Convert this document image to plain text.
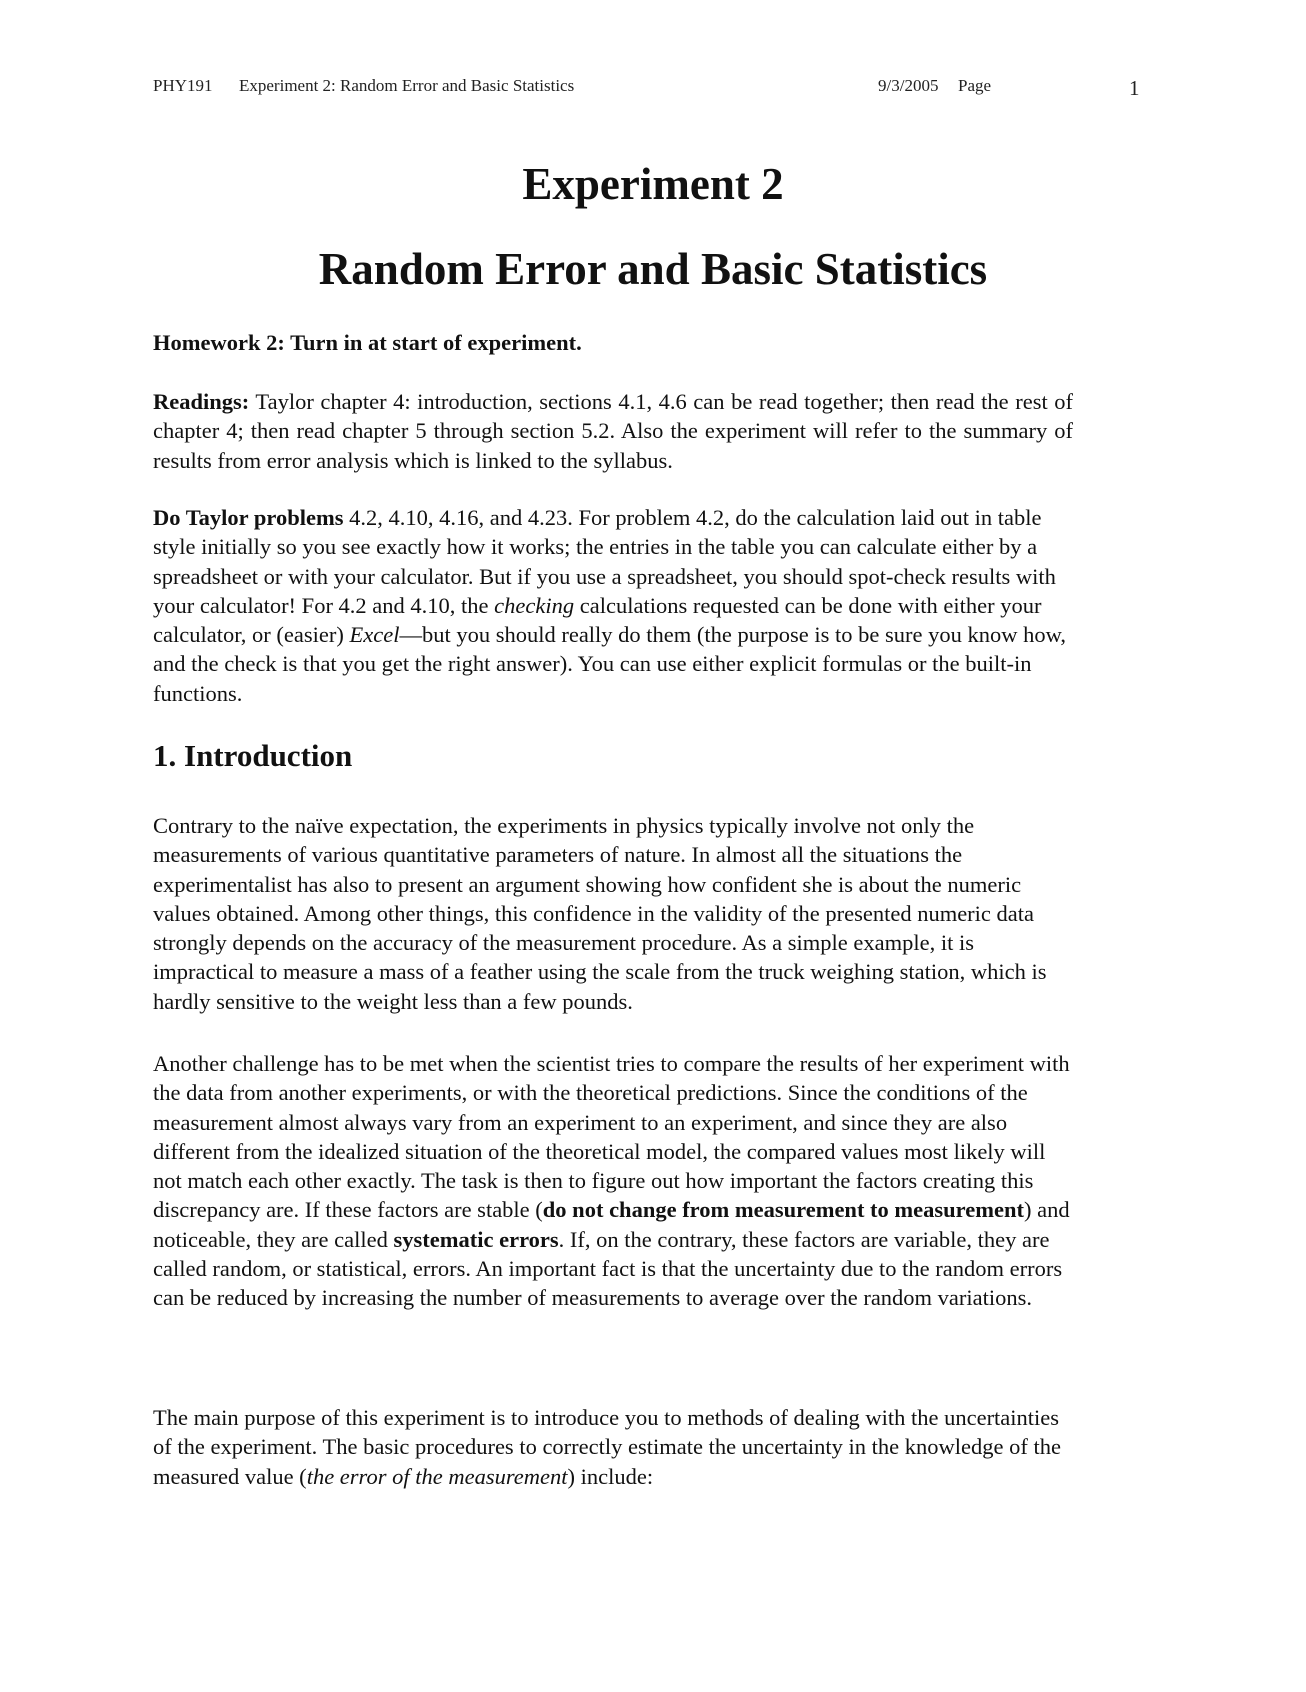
PHY191 Experiment 2: Random Error and Basic Statistics	9/3/2005 Page	1
Experiment 2
Random Error and Basic Statistics

Homework 2: Turn in at start of experiment.

Readings: Taylor chapter 4: introduction, sections 4.1, 4.6 can be read together; then read the rest of chapter 4; then read chapter 5 through section 5.2. Also the experiment will refer to the summary of results from error analysis which is linked to the syllabus.

Do Taylor problems 4.2, 4.10, 4.16, and 4.23. For problem 4.2, do the calculation laid out in table style initially so you see exactly how it works; the entries in the table you can calculate either by a spreadsheet or with your calculator. But if you use a spreadsheet, you should spot-check results with your calculator! For 4.2 and 4.10, the checking calculations requested can be done with either your calculator, or (easier) Excel—but you should really do them (the purpose is to be sure you know how, and the check is that you get the right answer). You can use either explicit formulas or the built-in functions.

1. Introduction

Contrary to the naïve expectation, the experiments in physics typically involve not only the measurements of various quantitative parameters of nature. In almost all the situations the experimentalist has also to present an argument showing how confident she is about the numeric values obtained. Among other things, this confidence in the validity of the presented numeric data strongly depends on the accuracy of the measurement procedure. As a simple example, it is impractical to measure a mass of a feather using the scale from the truck weighing station, which is hardly sensitive to the weight less than a few pounds.

Another challenge has to be met when the scientist tries to compare the results of her experiment with the data from another experiments, or with the theoretical predictions. Since the conditions of the measurement almost always vary from an experiment to an experiment, and since they are also different from the idealized situation of the theoretical model, the compared values most likely will not match each other exactly. The task is then to figure out how important the factors creating this discrepancy are. If these factors are stable (do not change from measurement to measurement) and noticeable, they are called systematic errors. If, on the contrary, these factors are variable, they are called random, or statistical, errors. An important fact is that the uncertainty due to the random errors can be reduced by increasing the number of measurements to average over the random variations.

The main purpose of this experiment is to introduce you to methods of dealing with the uncertainties of the experiment. The basic procedures to correctly estimate the uncertainty in the knowledge of the measured value (the error of the measurement) include:
